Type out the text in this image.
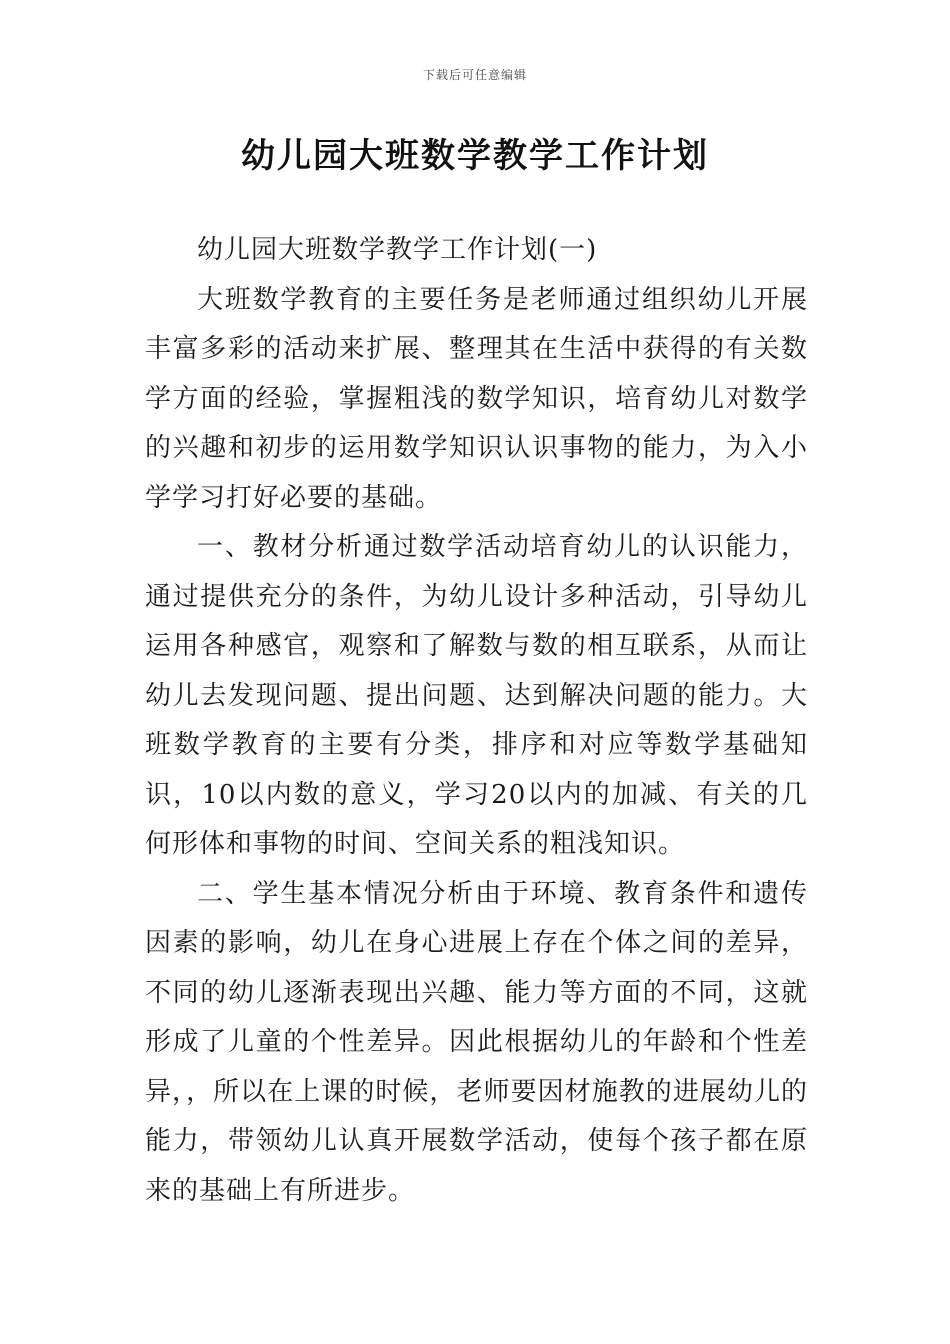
下载后可任意编辑
幼儿园大班数学教学工作计划

幼儿园大班数学教学工作计划(一)

大班数学教育的主要任务是老师通过组织幼儿开展丰富多彩的活动来扩展、整理其在生活中获得的有关数学方面的经验，掌握粗浅的数学知识，培育幼儿对数学的兴趣和初步的运用数学知识认识事物的能力，为入小学学习打好必要的基础。

一、教材分析通过数学活动培育幼儿的认识能力，通过提供充分的条件，为幼儿设计多种活动，引导幼儿运用各种感官，观察和了解数与数的相互联系，从而让幼儿去发现问题、提出问题、达到解决问题的能力。大班数学教育的主要有分类，排序和对应等数学基础知识，10以内数的意义，学习20以内的加减、有关的几何形体和事物的时间、空间关系的粗浅知识。

二、学生基本情况分析由于环境、教育条件和遗传因素的影响，幼儿在身心进展上存在个体之间的差异，不同的幼儿逐渐表现出兴趣、能力等方面的不同，这就形成了儿童的个性差异。因此根据幼儿的年龄和个性差异，，所以在上课的时候，老师要因材施教的进展幼儿的能力，带领幼儿认真开展数学活动，使每个孩子都在原来的基础上有所进步。
